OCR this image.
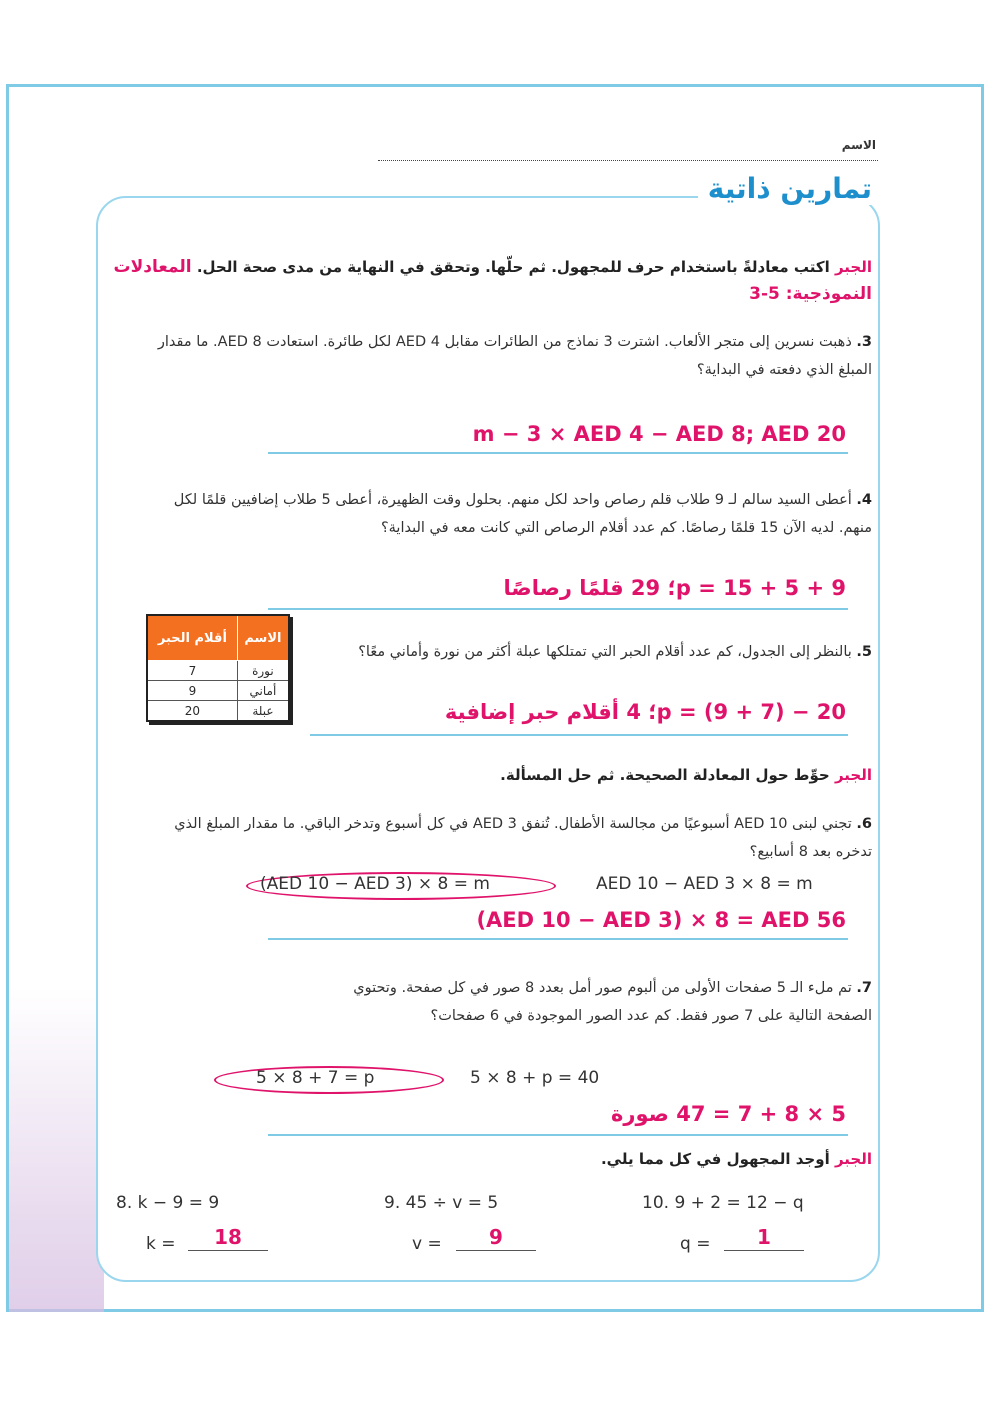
الاسم
تمارين ذاتية
الجبر اكتب معادلةً باستخدام حرف للمجهول. ثم حلّها. وتحقق في النهاية من مدى صحة الحل. المعادلات النموذجية: 5-3
3. ذهبت نسرين إلى متجر الألعاب. اشترت 3 نماذج من الطائرات مقابل AED 4 لكل طائرة. استعادت AED 8. ما مقدار المبلغ الذي دفعته في البداية؟
m − 3 × AED 4 − AED 8; AED 20
4. أعطى السيد سالم لـ 9 طلاب قلم رصاص واحد لكل منهم. بحلول وقت الظهيرة، أعطى 5 طلاب إضافيين قلمًا لكل منهم. لديه الآن 15 قلمًا رصاصًا. كم عدد أقلام الرصاص التي كانت معه في البداية؟
p = 15 + 5 + 9؛ 29 قلمًا رصاصًا
5. بالنظر إلى الجدول، كم عدد أقلام الحبر التي تمتلكها عبلة أكثر من نورة وأماني معًا؟
p = (9 + 7) − 20؛ 4 أقلام حبر إضافية
الاسم	أقلام الحبر
نورة	7
أماني	9
عبلة	20
الجبر حوِّط حول المعادلة الصحيحة. ثم حل المسألة.
6. تجني لبنى AED 10 أسبوعيًا من مجالسة الأطفال. تُنفق AED 3 في كل أسبوع وتدخر الباقي. ما مقدار المبلغ الذي تدخره بعد 8 أسابيع؟
(AED 10 − AED 3) × 8 = m	AED 10 − AED 3 × 8 = m
(AED 10 − AED 3) × 8 = AED 56
7. تم ملء الـ 5 صفحات الأولى من ألبوم صور أمل بعدد 8 صور في كل صفحة. وتحتوي الصفحة التالية على 7 صور فقط. كم عدد الصور الموجودة في 6 صفحات؟
5 × 8 + 7 = p	5 × 8 + p = 40
5 × 8 + 7 = 47 صورة
الجبر أوجد المجهول في كل مما يلي.
8. k − 9 = 9	9. 45 ÷ v = 5	10. 9 + 2 = 12 − q
k =	18	v =	9	q =	1
